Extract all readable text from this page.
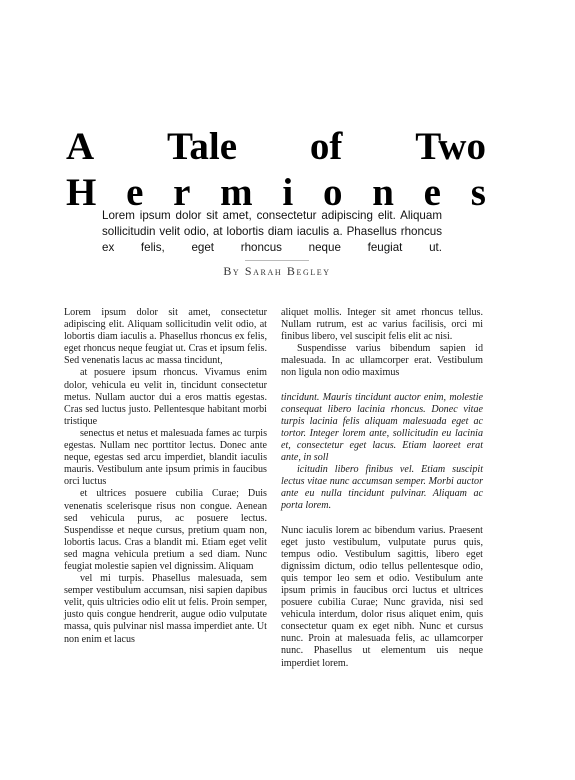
A Tale of Two
H e r m i o n e s
Lorem ipsum dolor sit amet, consectetur adipiscing elit. Aliquam sollicitudin velit odio, at lobortis diam iaculis a. Phasellus rhoncus ex felis, eget rhoncus neque feugiat ut.
By Sarah Begley

Lorem ipsum dolor sit amet, consectetur adipiscing elit. Aliquam sollicitudin velit odio, at lobortis diam iaculis a. Phasellus rhoncus ex felis, eget rhoncus neque feugiat ut. Cras et ipsum felis. Sed venenatis lacus ac massa tincidunt,

at posuere ipsum rhoncus. Vivamus enim dolor, vehicula eu velit in, tincidunt consectetur metus. Nullam auctor dui a eros mattis egestas. Cras sed luctus justo. Pellentesque habitant morbi tristique

senectus et netus et malesuada fames ac turpis egestas. Nullam nec porttitor lectus. Donec ante neque, egestas sed arcu imperdiet, blandit iaculis mauris. Vestibulum ante ipsum primis in faucibus orci luctus

et ultrices posuere cubilia Curae; Duis venenatis scelerisque risus non congue. Aenean sed vehicula purus, ac posuere lectus. Suspendisse et neque cursus, pretium quam non, lobortis lacus. Cras a blandit mi. Etiam eget velit sed magna vehicula pretium a sed diam. Nunc feugiat molestie sapien vel dignissim. Aliquam

vel mi turpis. Phasellus malesuada, sem semper vestibulum accumsan, nisi sapien dapibus velit, quis ultricies odio elit ut felis. Proin semper, justo quis congue hendrerit, augue odio vulputate massa, quis pulvinar nisl massa imperdiet ante. Ut non enim et lacus

aliquet mollis. Integer sit amet rhoncus tellus. Nullam rutrum, est ac varius facilisis, orci mi finibus libero, vel suscipit felis elit ac nisi.

Suspendisse varius bibendum sapien id malesuada. In ac ullamcorper erat. Vestibulum non ligula non odio maximus

tincidunt. Mauris tincidunt auctor enim, molestie consequat libero lacinia rhoncus. Donec vitae turpis lacinia felis aliquam malesuada eget ac tortor. Integer lorem ante, sollicitudin eu lacinia et, consectetur eget lacus. Etiam laoreet erat ante, in soll

icitudin libero finibus vel. Etiam suscipit lectus vitae nunc accumsan semper. Morbi auctor ante eu nulla tincidunt pulvinar. Aliquam ac porta lorem.

Nunc iaculis lorem ac bibendum varius. Praesent eget justo vestibulum, vulputate purus quis, tempus odio. Vestibulum sagittis, libero eget dignissim dictum, odio tellus pellentesque odio, quis tempor leo sem et odio. Vestibulum ante ipsum primis in faucibus orci luctus et ultrices posuere cubilia Curae; Nunc gravida, nisi sed vehicula interdum, dolor risus aliquet enim, quis consectetur quam ex eget nibh. Nunc et cursus nunc. Proin at malesuada felis, ac ullamcorper nunc. Phasellus ut elementum uis neque imperdiet lorem.
